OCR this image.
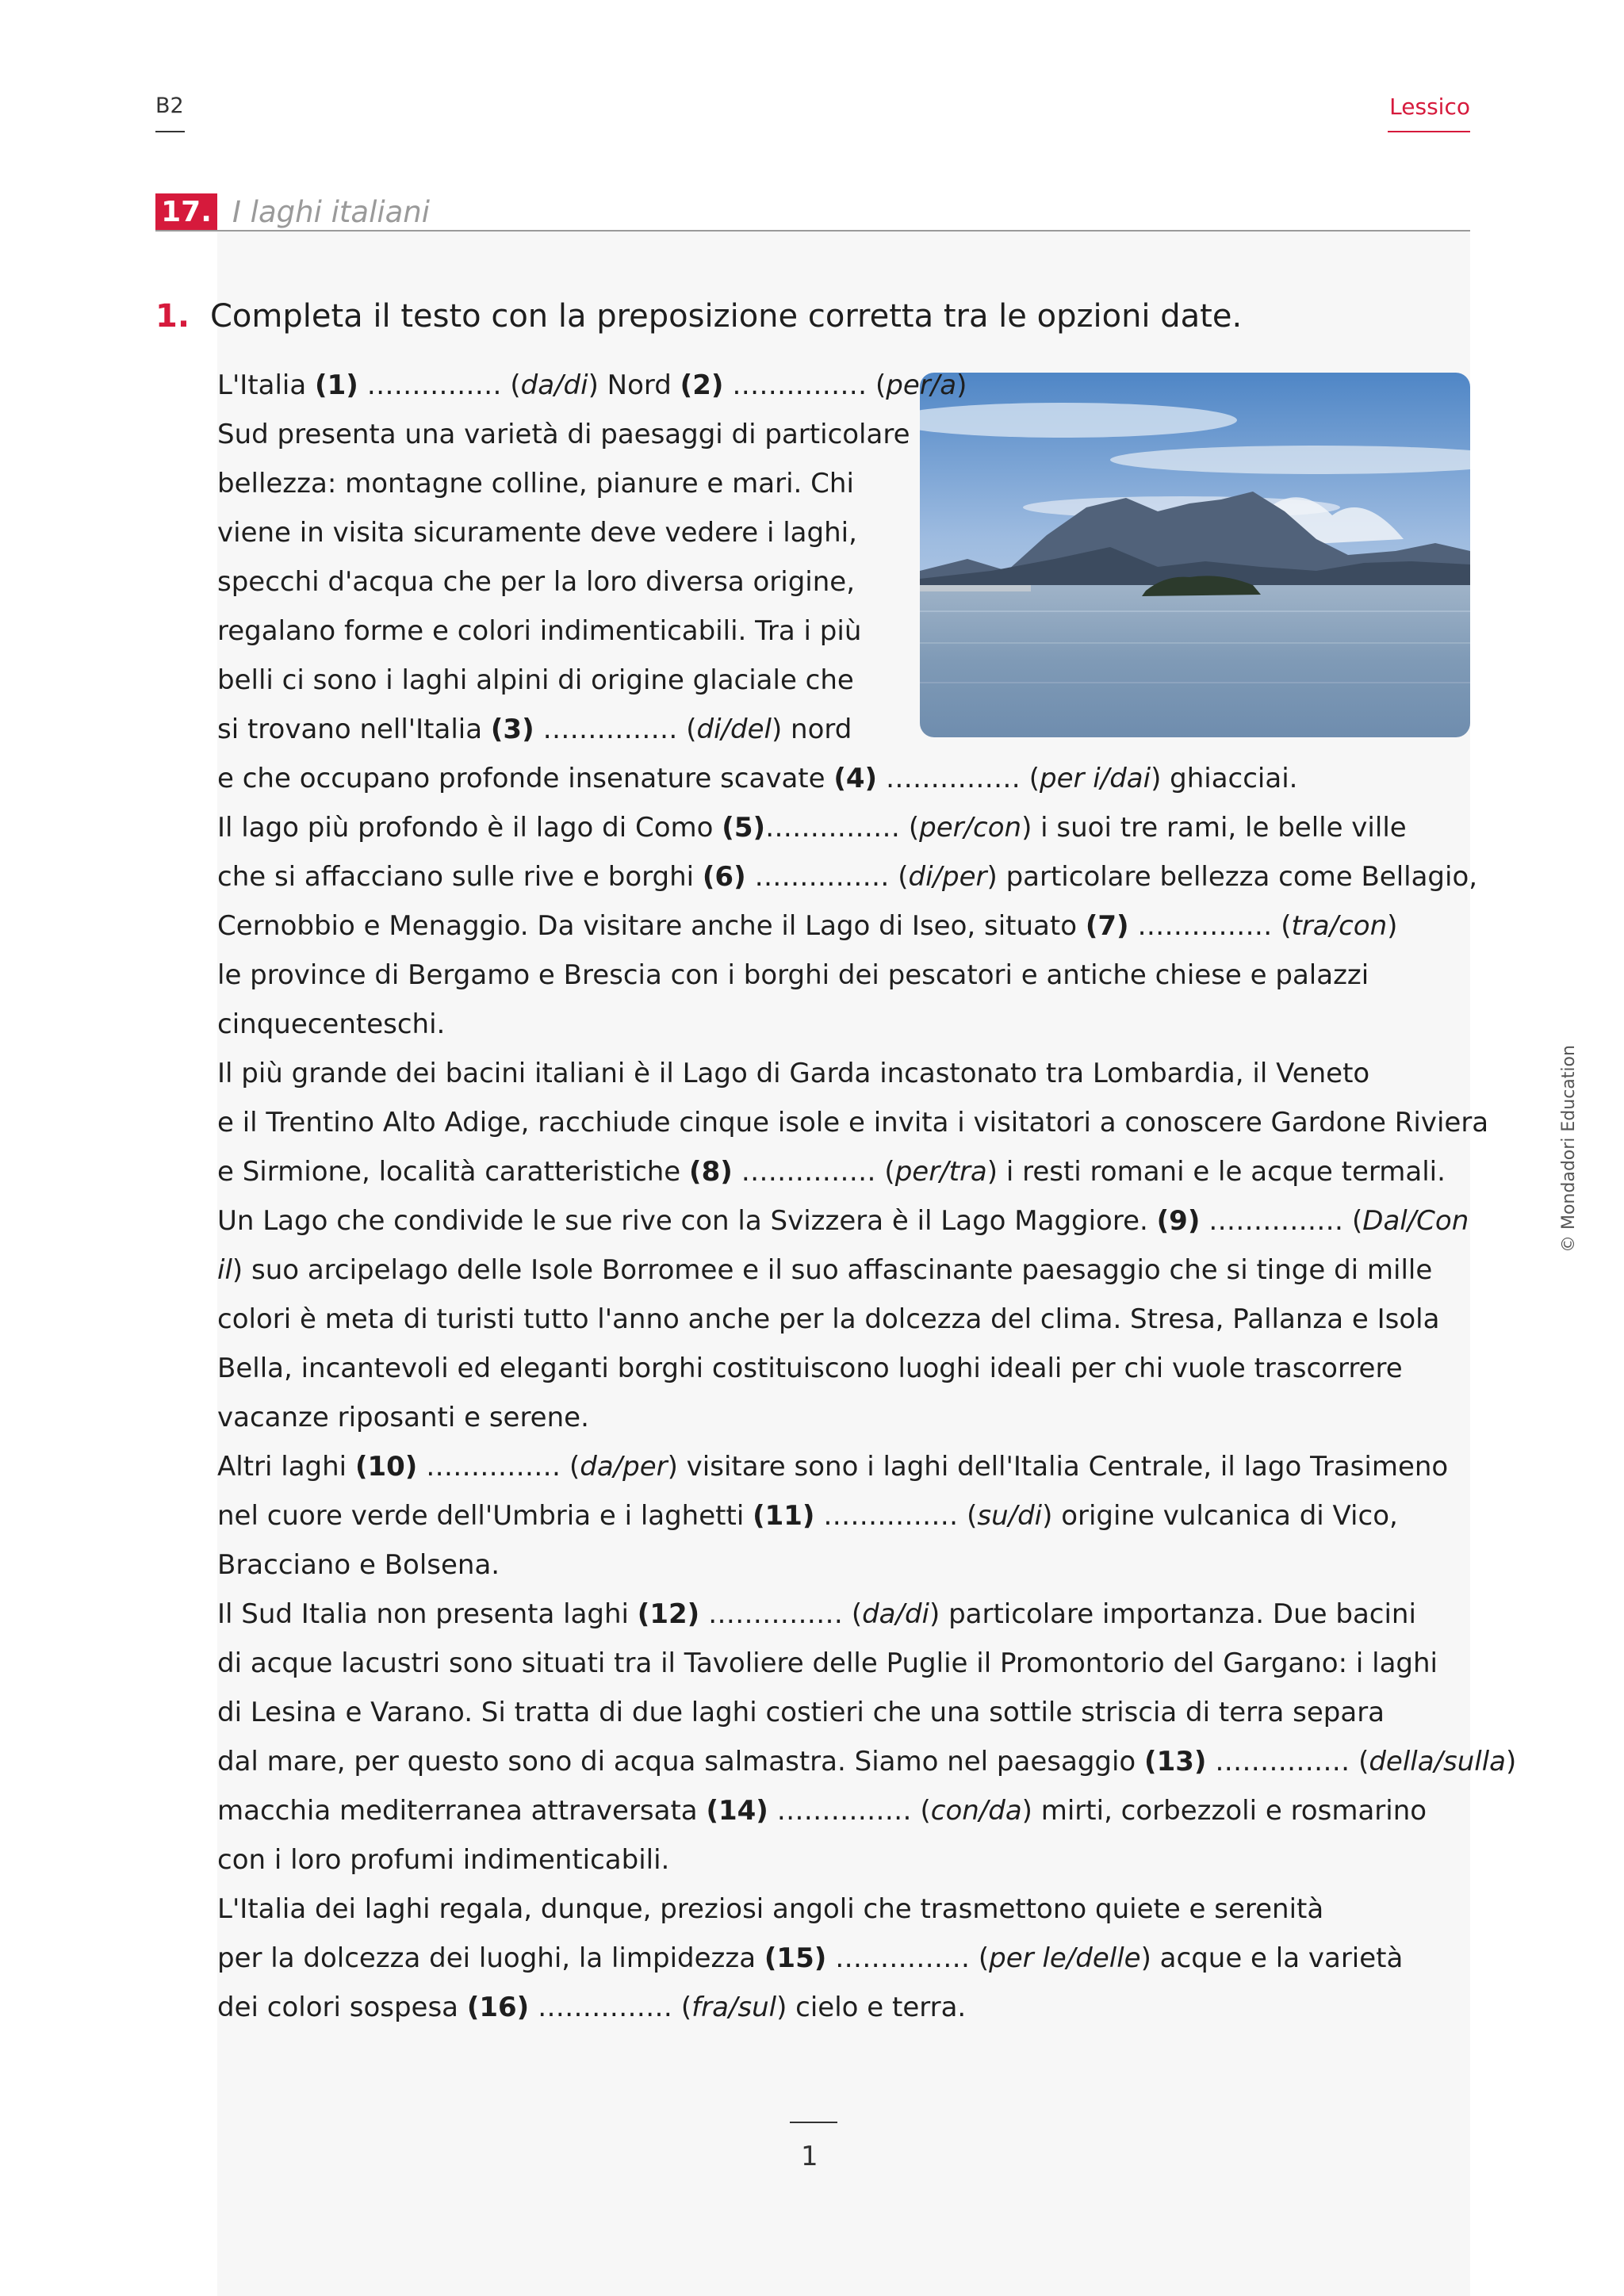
B2	Lessico
17. I laghi italiani
1. Completa il testo con la preposizione corretta tra le opzioni date.
L'Italia (1) …………… (da/di) Nord (2) …………… (per/a)
Sud presenta una varietà di paesaggi di particolare
bellezza: montagne colline, pianure e mari. Chi
viene in visita sicuramente deve vedere i laghi,
specchi d'acqua che per la loro diversa origine,
regalano forme e colori indimenticabili. Tra i più
belli ci sono i laghi alpini di origine glaciale che
si trovano nell'Italia (3) …………… (di/del) nord
e che occupano profonde insenature scavate (4) …………… (per i/dai) ghiacciai.
Il lago più profondo è il lago di Como (5)…………… (per/con) i suoi tre rami, le belle ville
che si affacciano sulle rive e borghi (6) …………… (di/per) particolare bellezza come Bellagio,
Cernobbio e Menaggio. Da visitare anche il Lago di Iseo, situato (7) …………… (tra/con)
le province di Bergamo e Brescia con i borghi dei pescatori e antiche chiese e palazzi
cinquecenteschi.
Il più grande dei bacini italiani è il Lago di Garda incastonato tra Lombardia, il Veneto
e il Trentino Alto Adige, racchiude cinque isole e invita i visitatori a conoscere Gardone Riviera
e Sirmione, località caratteristiche (8) …………… (per/tra) i resti romani e le acque termali.
Un Lago che condivide le sue rive con la Svizzera è il Lago Maggiore. (9) …………… (Dal/Con
il) suo arcipelago delle Isole Borromee e il suo affascinante paesaggio che si tinge di mille
colori è meta di turisti tutto l'anno anche per la dolcezza del clima. Stresa, Pallanza e Isola
Bella, incantevoli ed eleganti borghi costituiscono luoghi ideali per chi vuole trascorrere
vacanze riposanti e serene.
Altri laghi (10) …………… (da/per) visitare sono i laghi dell'Italia Centrale, il lago Trasimeno
nel cuore verde dell'Umbria e i laghetti (11) …………… (su/di) origine vulcanica di Vico,
Bracciano e Bolsena.
Il Sud Italia non presenta laghi (12) …………… (da/di) particolare importanza. Due bacini
di acque lacustri sono situati tra il Tavoliere delle Puglie il Promontorio del Gargano: i laghi
di Lesina e Varano. Si tratta di due laghi costieri che una sottile striscia di terra separa
dal mare, per questo sono di acqua salmastra. Siamo nel paesaggio (13) …………… (della/sulla)
macchia mediterranea attraversata (14) …………… (con/da) mirti, corbezzoli e rosmarino
con i loro profumi indimenticabili.
L'Italia dei laghi regala, dunque, preziosi angoli che trasmettono quiete e serenità
per la dolcezza dei luoghi, la limpidezza (15) …………… (per le/delle) acque e la varietà
dei colori sospesa (16) …………… (fra/sul) cielo e terra.
1
© Mondadori Education
